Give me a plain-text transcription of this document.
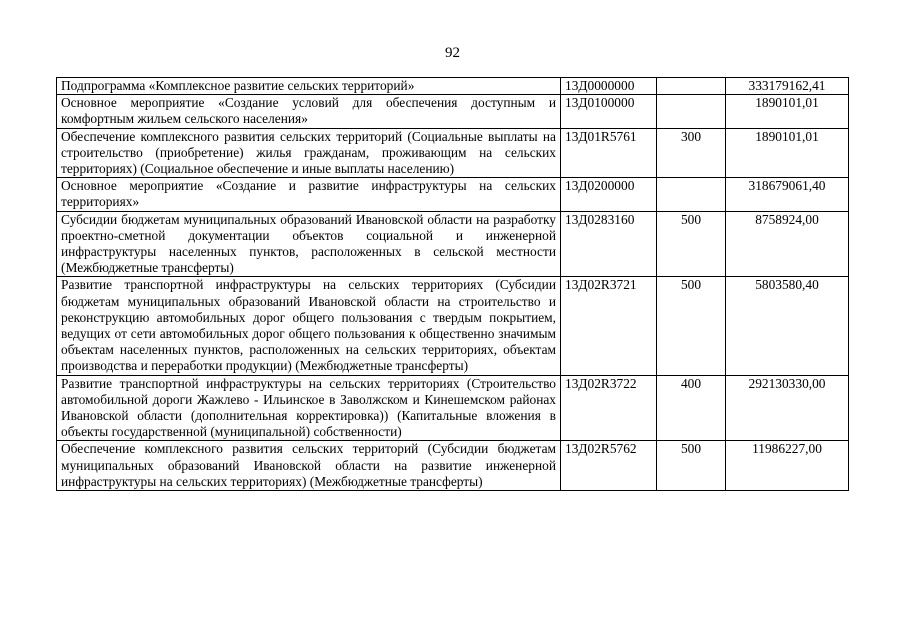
92
Подпрограмма «Комплексное развитие сельских территорий»	13Д0000000		333179162,41
Основное мероприятие «Создание условий для обеспечения доступным и комфортным жильем сельского населения»	13Д0100000		1890101,01
Обеспечение комплексного развития сельских территорий (Социальные выплаты на строительство (приобретение) жилья гражданам, проживающим на сельских территориях) (Социальное обеспечение и иные выплаты населению)	13Д01R5761	300	1890101,01
Основное мероприятие «Создание и развитие инфраструктуры на сельских территориях»	13Д0200000		318679061,40
Субсидии бюджетам муниципальных образований Ивановской области на разработку проектно-сметной документации объектов социальной и инженерной инфраструктуры населенных пунктов, расположенных в сельской местности (Межбюджетные трансферты)	13Д0283160	500	8758924,00
Развитие транспортной инфраструктуры на сельских территориях (Субсидии бюджетам муниципальных образований Ивановской области на строительство и реконструкцию автомобильных дорог общего пользования с твердым покрытием, ведущих от сети автомобильных дорог общего пользования к общественно значимым объектам населенных пунктов, расположенных на сельских территориях, объектам производства и переработки продукции) (Межбюджетные трансферты)	13Д02R3721	500	5803580,40
Развитие транспортной инфраструктуры на сельских территориях (Строительство автомобильной дороги Жажлево - Ильинское в Заволжском и Кинешемском районах Ивановской области (дополнительная корректировка)) (Капитальные вложения в объекты государственной (муниципальной) собственности)	13Д02R3722	400	292130330,00
Обеспечение комплексного развития сельских территорий (Субсидии бюджетам муниципальных образований Ивановской области на развитие инженерной инфраструктуры на сельских территориях) (Межбюджетные трансферты)	13Д02R5762	500	11986227,00
